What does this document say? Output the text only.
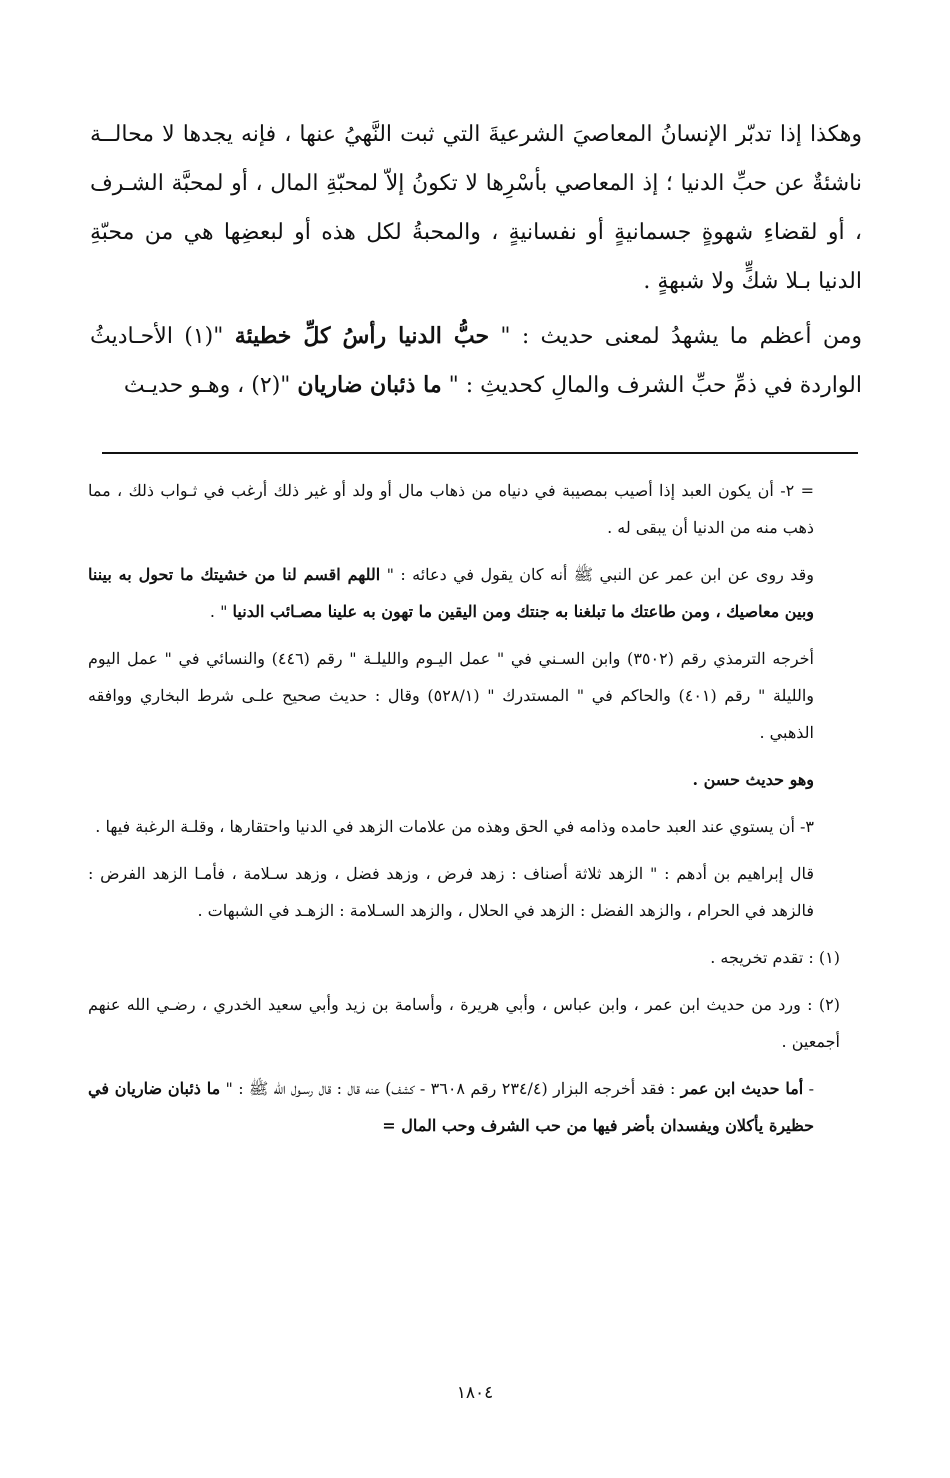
وهكذا إذا تدبّر الإنسانُ المعاصيَ الشرعيةَ التي ثبت النَّهيُ عنها ، فإنه يجدها لا محالــة ناشئةٌ عن حبِّ الدنيا ؛ إذ المعاصي بأسْرِها لا تكونُ إلاّ لمحبّةِ المال ، أو لمحبَّة الشـرف ، أو لقضاءِ شهوةٍ جسمانيةٍ أو نفسانيةٍ ، والمحبةُ لكل هذه أو لبعضِها هي من محبّةِ الدنيا بـلا شكٍّ ولا شبهةٍ .

ومن أعظم ما يشهدُ لمعنى حديث : " حبُّ الدنيا رأسُ كلِّ خطيئة "(١) الأحـاديثُ الواردة في ذمِّ حبِّ الشرف والمالِ كحديثِ : " ما ذئبان ضاريان "(٢) ، وهـو حديـث

= ٢- أن يكون العبد إذا أصيب بمصيبة في دنياه من ذهاب مال أو ولد أو غير ذلك أرغب في ثـواب ذلك ، مما ذهب منه من الدنيا أن يبقى له .

وقد روى عن ابن عمر عن النبي ﷺ أنه كان يقول في دعائه : " اللهم اقسم لنا من خشيتك ما تحول به بيننا وبين معاصيك ، ومن طاعتك ما تبلغنا به جنتك ومن اليقين ما تهون به علينا مصـائب الدنيا " .

أخرجه الترمذي رقم (٣٥٠٢) وابن السـني في " عمل اليـوم والليلـة " رقم (٤٤٦) والنسائي في " عمل اليوم والليلة " رقم (٤٠١) والحاكم في " المستدرك " (٥٢٨/١) وقال : حديث صحيح علـى شرط البخاري ووافقه الذهبي .

وهو حديث حسن .

٣- أن يستوي عند العبد حامده وذامه في الحق وهذه من علامات الزهد في الدنيا واحتقارها ، وقلـة الرغبة فيها .

قال إبراهيم بن أدهم : " الزهد ثلاثة أصناف : زهد فرض ، وزهد فضل ، وزهد سـلامة ، فأمـا الزهد الفرض : فالزهد في الحرام ، والزهد الفضل : الزهد في الحلال ، والزهد السـلامة : الزهـد في الشبهات .

(١) : تقدم تخريجه .

(٢) : ورد من حديث ابن عمر ، وابن عباس ، وأبي هريرة ، وأسامة بن زيد وأبي سعيد الخدري ، رضـي الله عنهم أجمعين .

- أما حديث ابن عمر : فقد أخرجه البزار (٢٣٤/٤ رقم ٣٦٠٨ - كشف) عنه قال : قال رسـول الله ﷺ : " ما ذئبان ضاريان في حظيرة يأكلان ويفسدان بأضر فيها من حب الشرف وحب المال =

١٨٠٤
